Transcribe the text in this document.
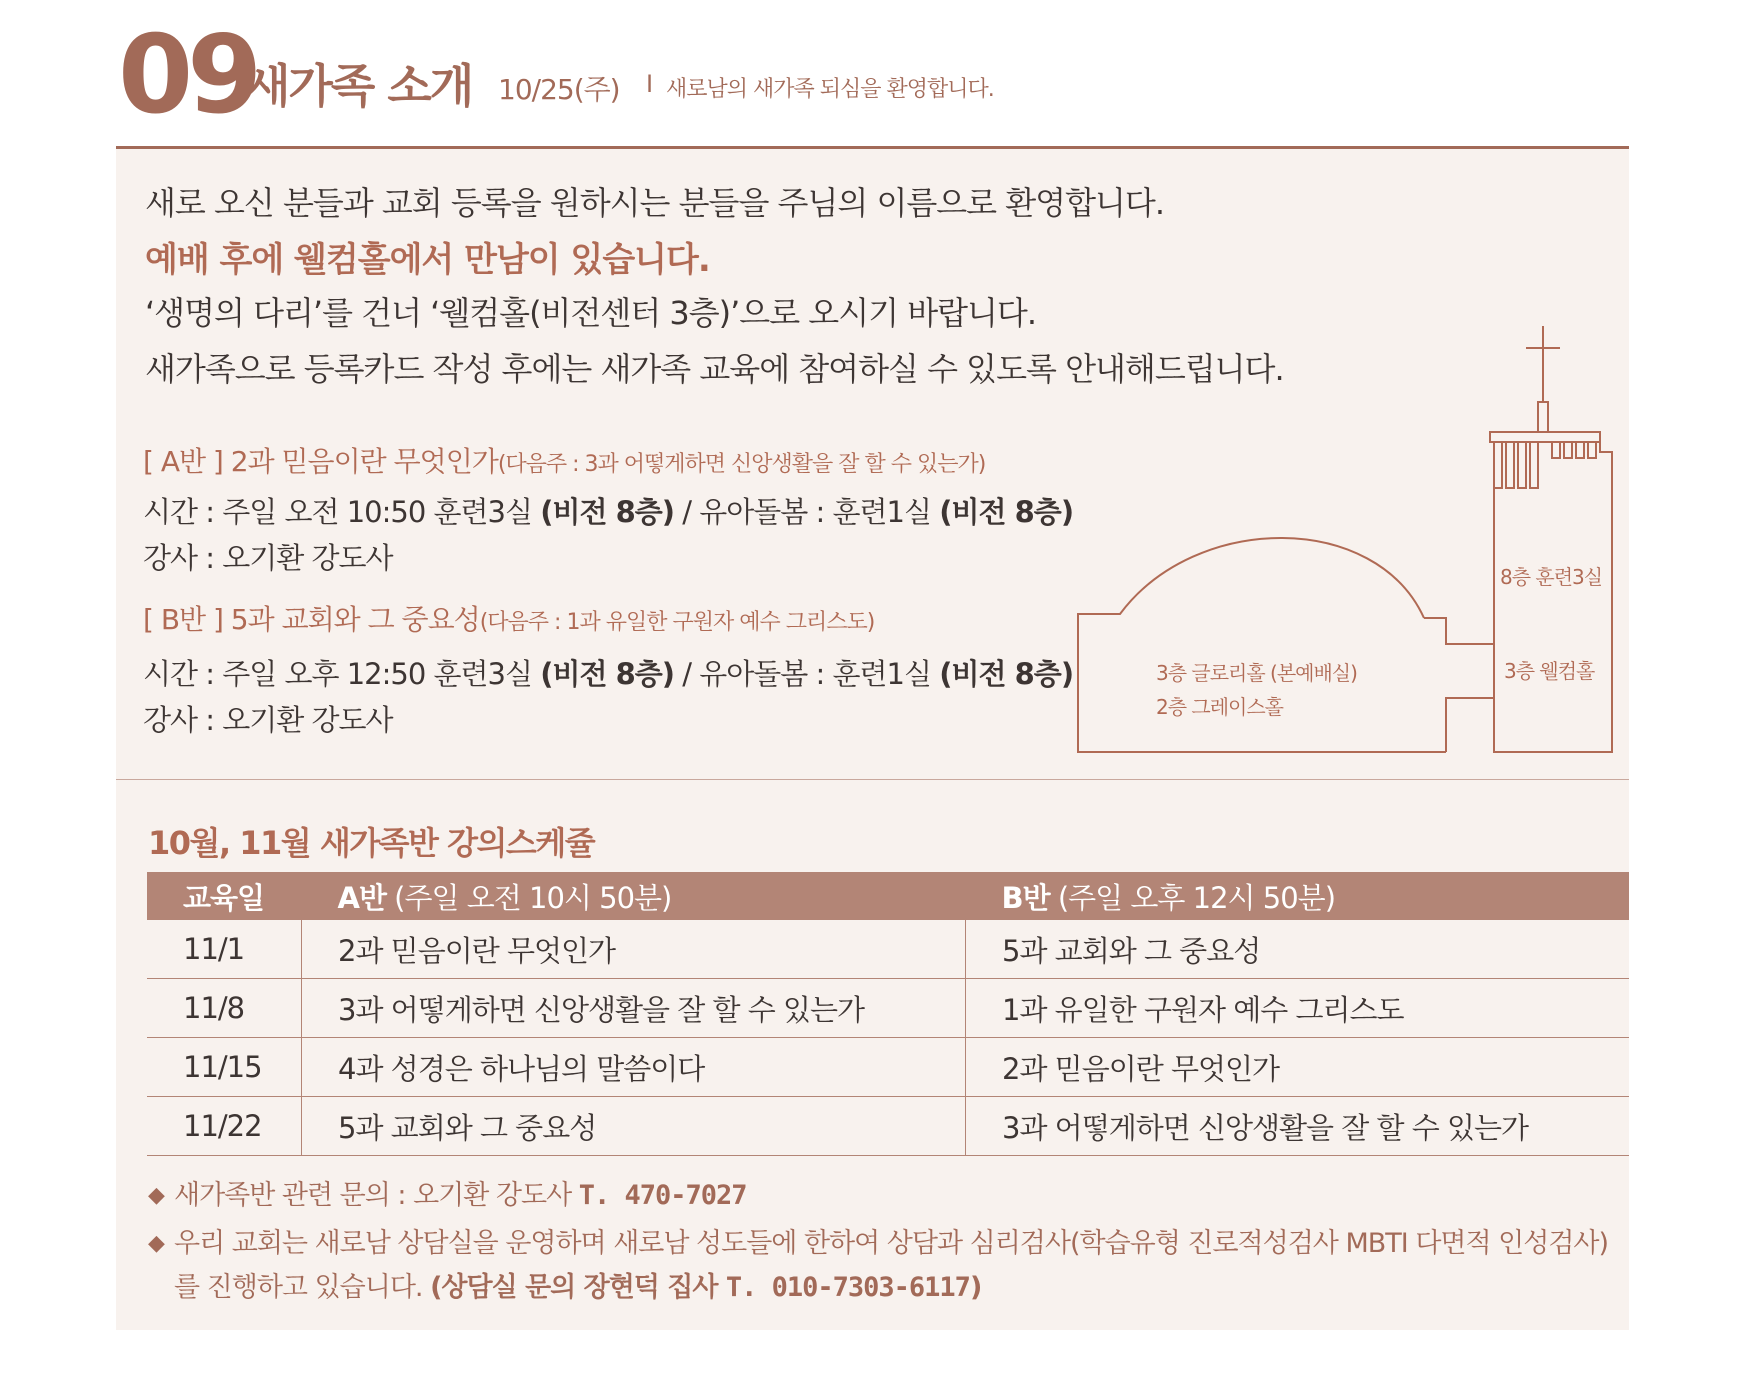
09
새가족 소개 10/25(주) I 새로남의 새가족 되심을 환영합니다.
새로 오신 분들과 교회 등록을 원하시는 분들을 주님의 이름으로 환영합니다.
예배 후에 웰컴홀에서 만남이 있습니다.
‘생명의 다리’를 건너 ‘웰컴홀(비전센터 3층)’으로 오시기 바랍니다.
새가족으로 등록카드 작성 후에는 새가족 교육에 참여하실 수 있도록 안내해드립니다.
[ A반 ] 2과 믿음이란 무엇인가(다음주 : 3과 어떻게하면 신앙생활을 잘 할 수 있는가)
시간 : 주일 오전 10:50 훈련3실 (비전 8층) / 유아돌봄 : 훈련1실 (비전 8층)
강사 : 오기환 강도사
[ B반 ] 5과 교회와 그 중요성(다음주 : 1과 유일한 구원자 예수 그리스도)
시간 : 주일 오후 12:50 훈련3실 (비전 8층) / 유아돌봄 : 훈련1실 (비전 8층)
강사 : 오기환 강도사
8층 훈련3실
3층 웰컴홀
3층 글로리홀 (본예배실)
2층 그레이스홀
10월, 11월 새가족반 강의스케쥴
교육일	A반 (주일 오전 10시 50분)	B반 (주일 오후 12시 50분)
11/1	2과 믿음이란 무엇인가	5과 교회와 그 중요성
11/8	3과 어떻게하면 신앙생활을 잘 할 수 있는가	1과 유일한 구원자 예수 그리스도
11/15	4과 성경은 하나님의 말씀이다	2과 믿음이란 무엇인가
11/22	5과 교회와 그 중요성	3과 어떻게하면 신앙생활을 잘 할 수 있는가
◆ 새가족반 관련 문의 : 오기환 강도사 T. 470-7027
◆ 우리 교회는 새로남 상담실을 운영하며 새로남 성도들에 한하여 상담과 심리검사(학습유형 진로적성검사 MBTI 다면적 인성검사)를 진행하고 있습니다. (상담실 문의 장현덕 집사 T. 010-7303-6117)
